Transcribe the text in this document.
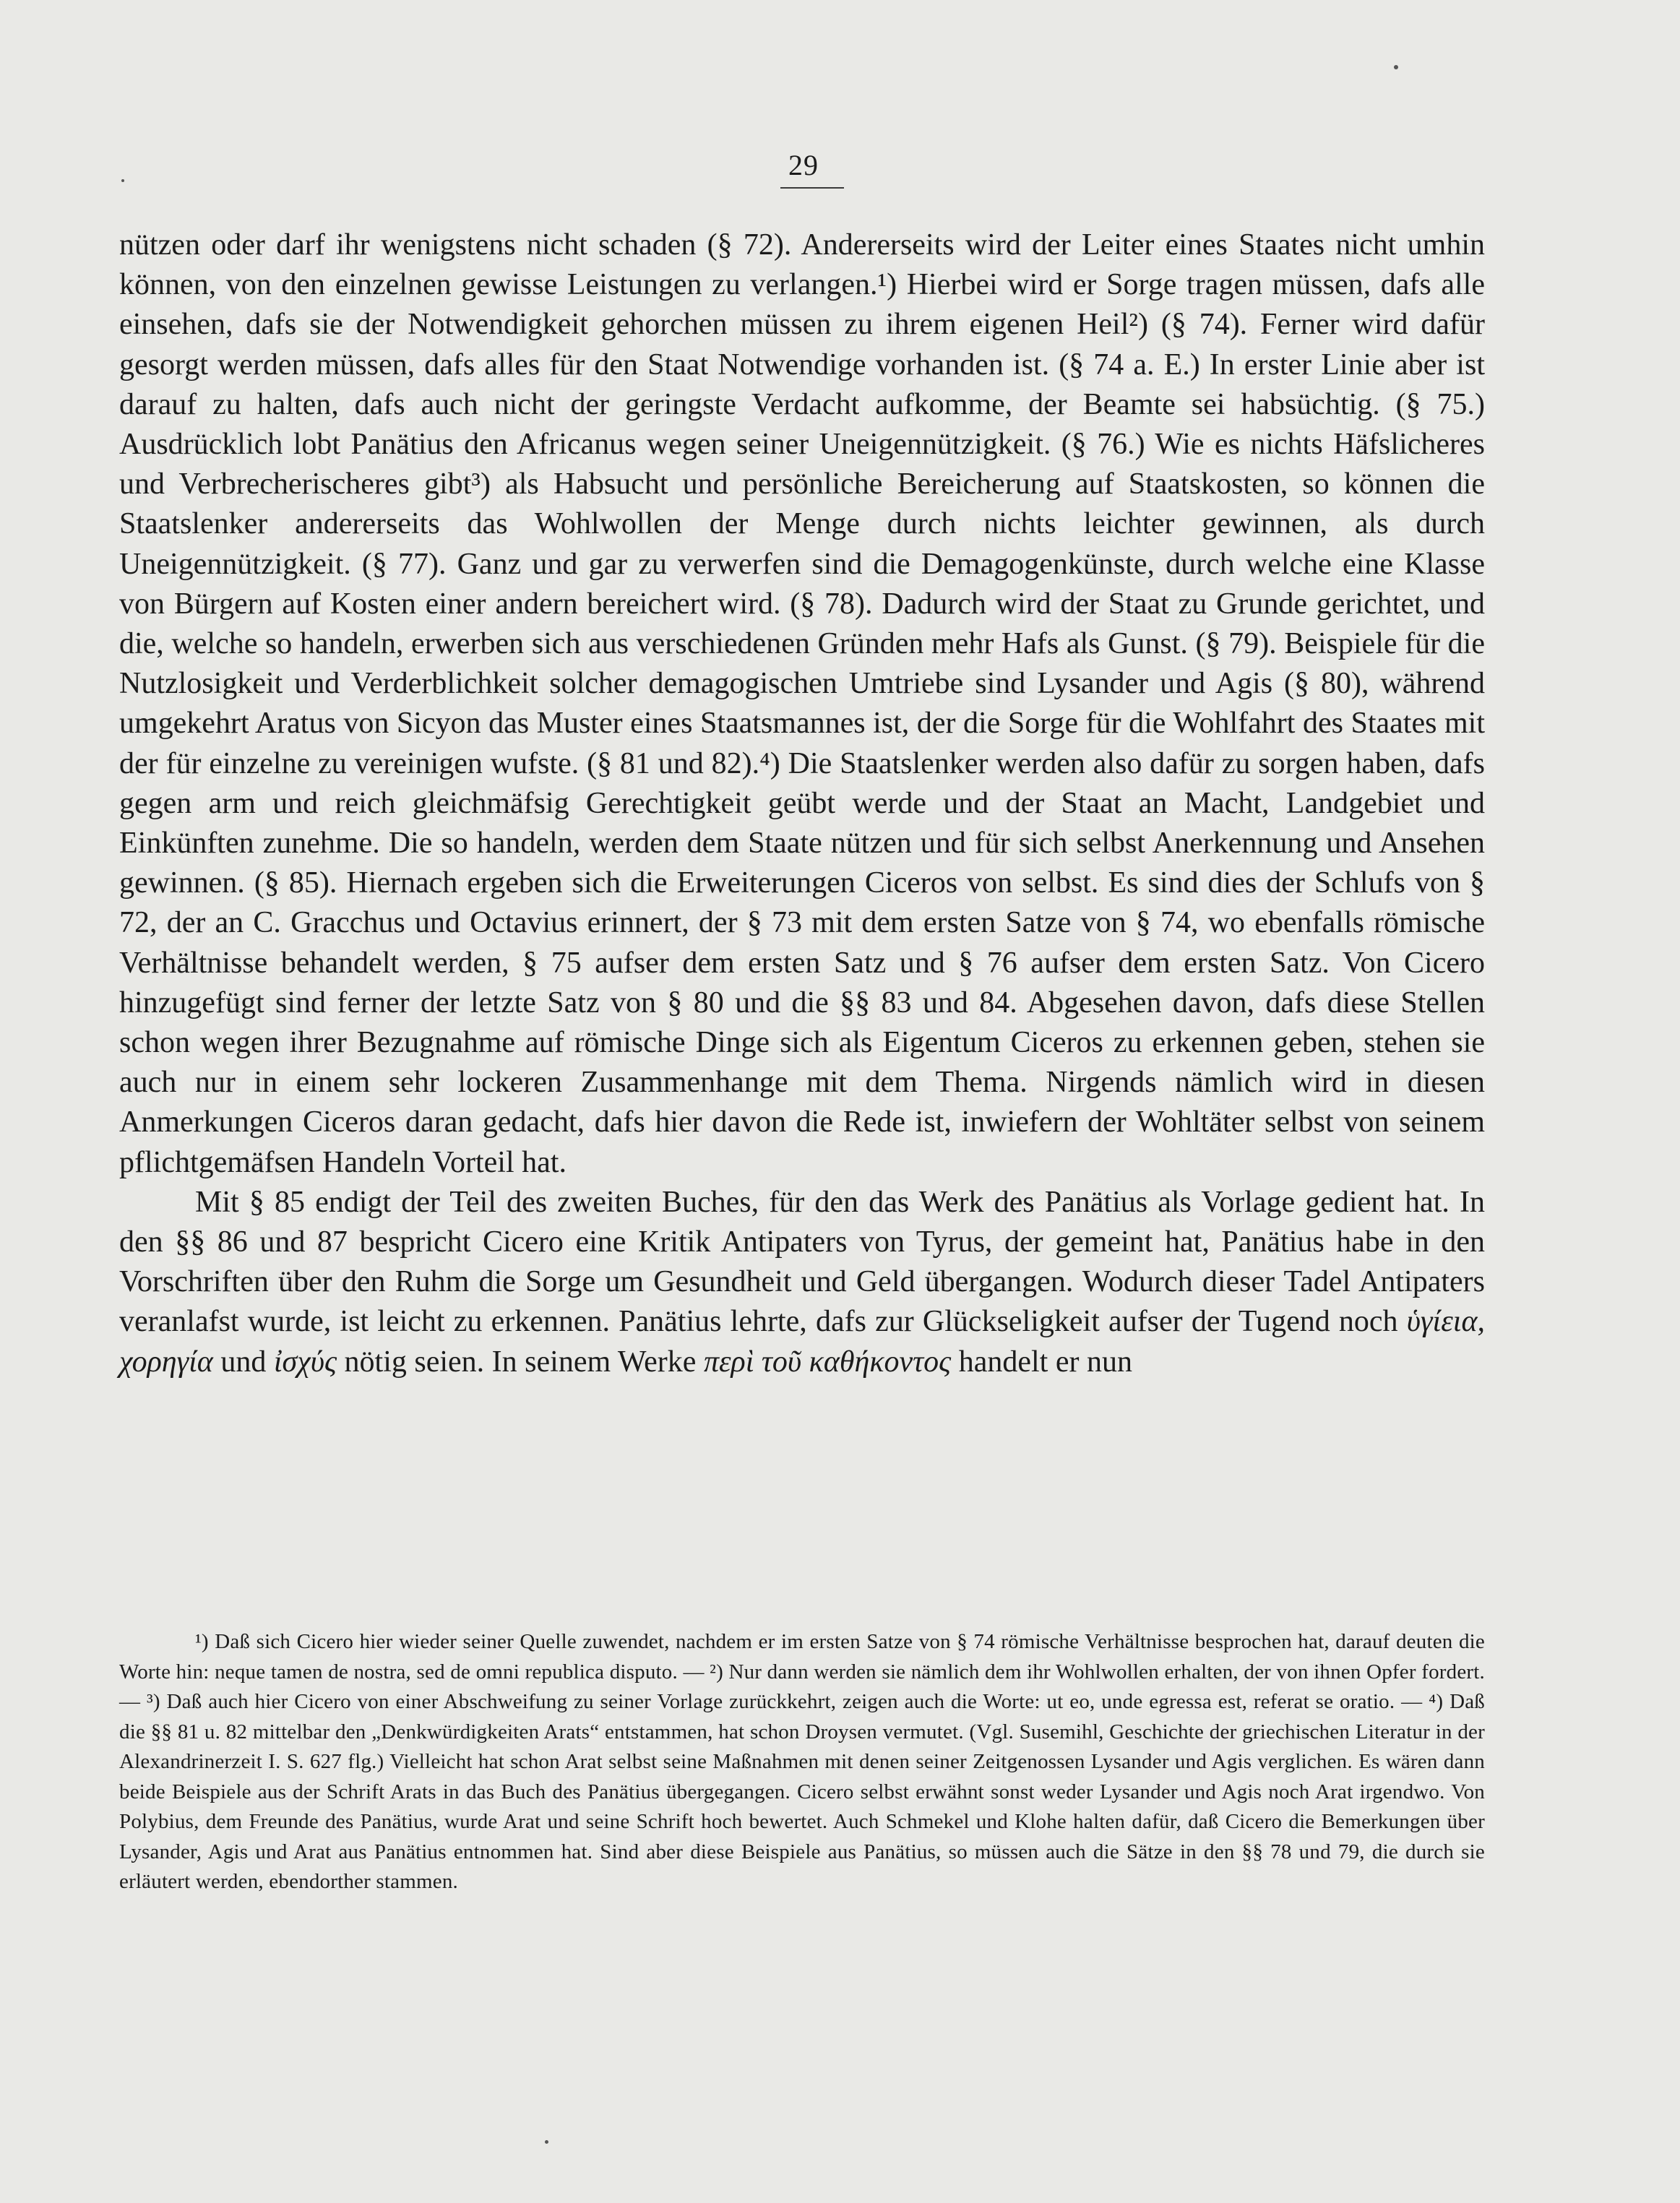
29

nützen oder darf ihr wenigstens nicht schaden (§ 72). Andererseits wird der Leiter eines Staates nicht umhin können, von den einzelnen gewisse Leistungen zu verlangen.¹) Hierbei wird er Sorge tragen müssen, dafs alle einsehen, dafs sie der Notwendigkeit gehorchen müssen zu ihrem eigenen Heil²) (§ 74). Ferner wird dafür gesorgt werden müssen, dafs alles für den Staat Notwendige vorhanden ist. (§ 74 a. E.) In erster Linie aber ist darauf zu halten, dafs auch nicht der geringste Verdacht aufkomme, der Beamte sei habsüchtig. (§ 75.) Ausdrücklich lobt Panätius den Africanus wegen seiner Uneigennützigkeit. (§ 76.) Wie es nichts Häfslicheres und Verbrecherischeres gibt³) als Habsucht und persönliche Bereicherung auf Staatskosten, so können die Staatslenker andererseits das Wohlwollen der Menge durch nichts leichter gewinnen, als durch Uneigennützigkeit. (§ 77). Ganz und gar zu verwerfen sind die Demagogenkünste, durch welche eine Klasse von Bürgern auf Kosten einer andern bereichert wird. (§ 78). Dadurch wird der Staat zu Grunde gerichtet, und die, welche so handeln, erwerben sich aus verschiedenen Gründen mehr Hafs als Gunst. (§ 79). Beispiele für die Nutzlosigkeit und Verderblichkeit solcher demagogischen Umtriebe sind Lysander und Agis (§ 80), während umgekehrt Aratus von Sicyon das Muster eines Staatsmannes ist, der die Sorge für die Wohlfahrt des Staates mit der für einzelne zu vereinigen wufste. (§ 81 und 82).⁴) Die Staatslenker werden also dafür zu sorgen haben, dafs gegen arm und reich gleichmäfsig Gerechtigkeit geübt werde und der Staat an Macht, Landgebiet und Einkünften zunehme. Die so handeln, werden dem Staate nützen und für sich selbst Anerkennung und Ansehen gewinnen. (§ 85). Hiernach ergeben sich die Erweiterungen Ciceros von selbst. Es sind dies der Schlufs von § 72, der an C. Gracchus und Octavius erinnert, der § 73 mit dem ersten Satze von § 74, wo ebenfalls römische Verhältnisse behandelt werden, § 75 aufser dem ersten Satz und § 76 aufser dem ersten Satz. Von Cicero hinzugefügt sind ferner der letzte Satz von § 80 und die §§ 83 und 84. Abgesehen davon, dafs diese Stellen schon wegen ihrer Bezugnahme auf römische Dinge sich als Eigentum Ciceros zu erkennen geben, stehen sie auch nur in einem sehr lockeren Zusammenhange mit dem Thema. Nirgends nämlich wird in diesen Anmerkungen Ciceros daran gedacht, dafs hier davon die Rede ist, inwiefern der Wohltäter selbst von seinem pflichtgemäfsen Handeln Vorteil hat.

Mit § 85 endigt der Teil des zweiten Buches, für den das Werk des Panätius als Vorlage gedient hat. In den §§ 86 und 87 bespricht Cicero eine Kritik Antipaters von Tyrus, der gemeint hat, Panätius habe in den Vorschriften über den Ruhm die Sorge um Gesundheit und Geld übergangen. Wodurch dieser Tadel Antipaters veranlafst wurde, ist leicht zu erkennen. Panätius lehrte, dafs zur Glückseligkeit aufser der Tugend noch ὑγίεια, χορηγία und ἰσχύς nötig seien. In seinem Werke περὶ τοῦ καθήκοντος handelt er nun

¹) Daß sich Cicero hier wieder seiner Quelle zuwendet, nachdem er im ersten Satze von § 74 römische Verhältnisse besprochen hat, darauf deuten die Worte hin: neque tamen de nostra, sed de omni republica disputo. — ²) Nur dann werden sie nämlich dem ihr Wohlwollen erhalten, der von ihnen Opfer fordert. — ³) Daß auch hier Cicero von einer Abschweifung zu seiner Vorlage zurückkehrt, zeigen auch die Worte: ut eo, unde egressa est, referat se oratio. — ⁴) Daß die §§ 81 u. 82 mittelbar den „Denkwürdigkeiten Arats“ entstammen, hat schon Droysen vermutet. (Vgl. Susemihl, Geschichte der griechischen Literatur in der Alexandrinerzeit I. S. 627 flg.) Vielleicht hat schon Arat selbst seine Maßnahmen mit denen seiner Zeitgenossen Lysander und Agis verglichen. Es wären dann beide Beispiele aus der Schrift Arats in das Buch des Panätius übergegangen. Cicero selbst erwähnt sonst weder Lysander und Agis noch Arat irgendwo. Von Polybius, dem Freunde des Panätius, wurde Arat und seine Schrift hoch bewertet. Auch Schmekel und Klohe halten dafür, daß Cicero die Bemerkungen über Lysander, Agis und Arat aus Panätius entnommen hat. Sind aber diese Beispiele aus Panätius, so müssen auch die Sätze in den §§ 78 und 79, die durch sie erläutert werden, ebendorther stammen.
